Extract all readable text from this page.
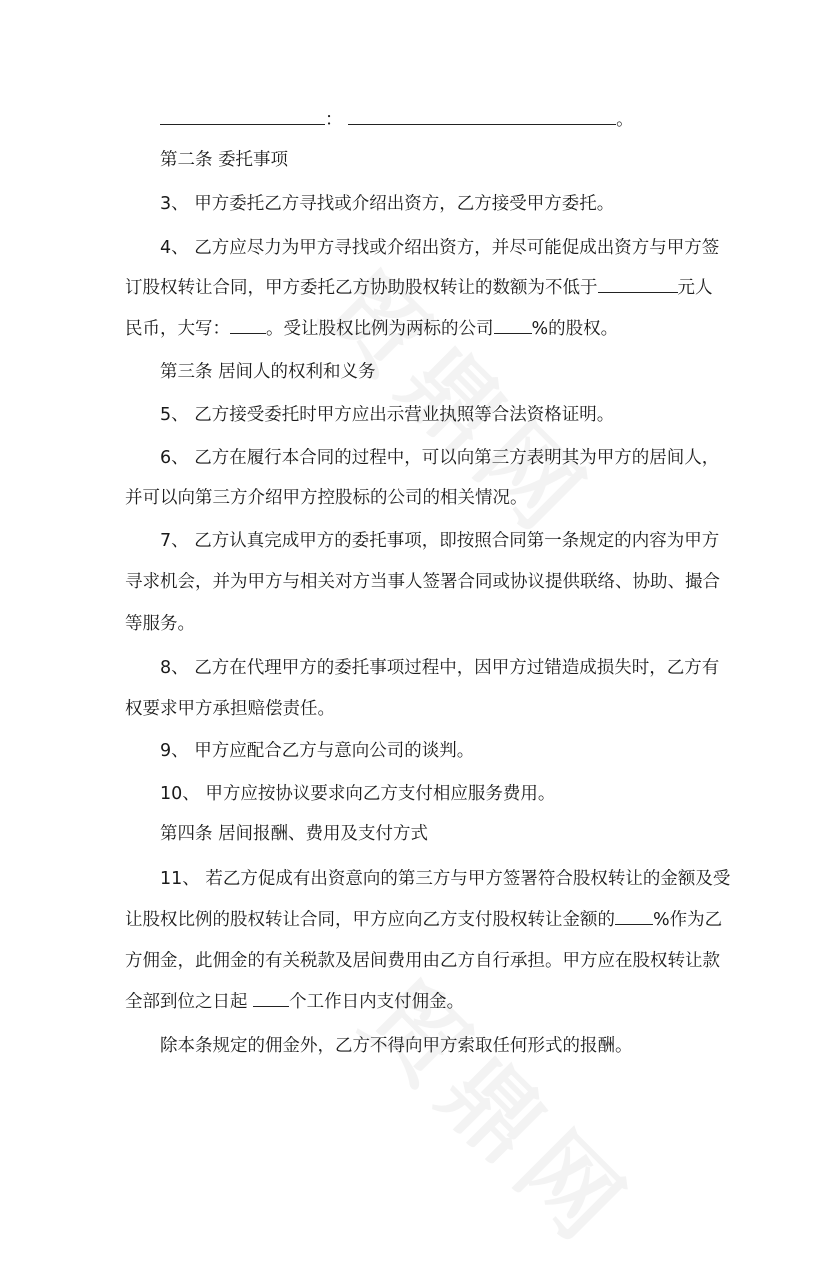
：	。
第二条 委托事项
3、 甲方委托乙方寻找或介绍出资方，乙方接受甲方委托。
4、 乙方应尽力为甲方寻找或介绍出资方，并尽可能促成出资方与甲方签
订股权转让合同，甲方委托乙方协助股权转让的数额为不低于	元人
民币，大写： 。受让股权比例为两标的公司 %的股权。
第三条 居间人的权利和义务
5、 乙方接受委托时甲方应出示营业执照等合法资格证明。
6、 乙方在履行本合同的过程中，可以向第三方表明其为甲方的居间人，
并可以向第三方介绍甲方控股标的公司的相关情况。
7、 乙方认真完成甲方的委托事项，即按照合同第一条规定的内容为甲方
寻求机会，并为甲方与相关对方当事人签署合同或协议提供联络、协助、撮合
等服务。
8、 乙方在代理甲方的委托事项过程中，因甲方过错造成损失时，乙方有
权要求甲方承担赔偿责任。
9、 甲方应配合乙方与意向公司的谈判。
10、 甲方应按协议要求向乙方支付相应服务费用。
第四条 居间报酬、费用及支付方式
11、 若乙方促成有出资意向的第三方与甲方签署符合股权转让的金额及受
让股权比例的股权转让合同，甲方应向乙方支付股权转让金额的 %作为乙
方佣金，此佣金的有关税款及居间费用由乙方自行承担。甲方应在股权转让款
全部到位之日起 个工作日内支付佣金。
除本条规定的佣金外，乙方不得向甲方索取任何形式的报酬。
